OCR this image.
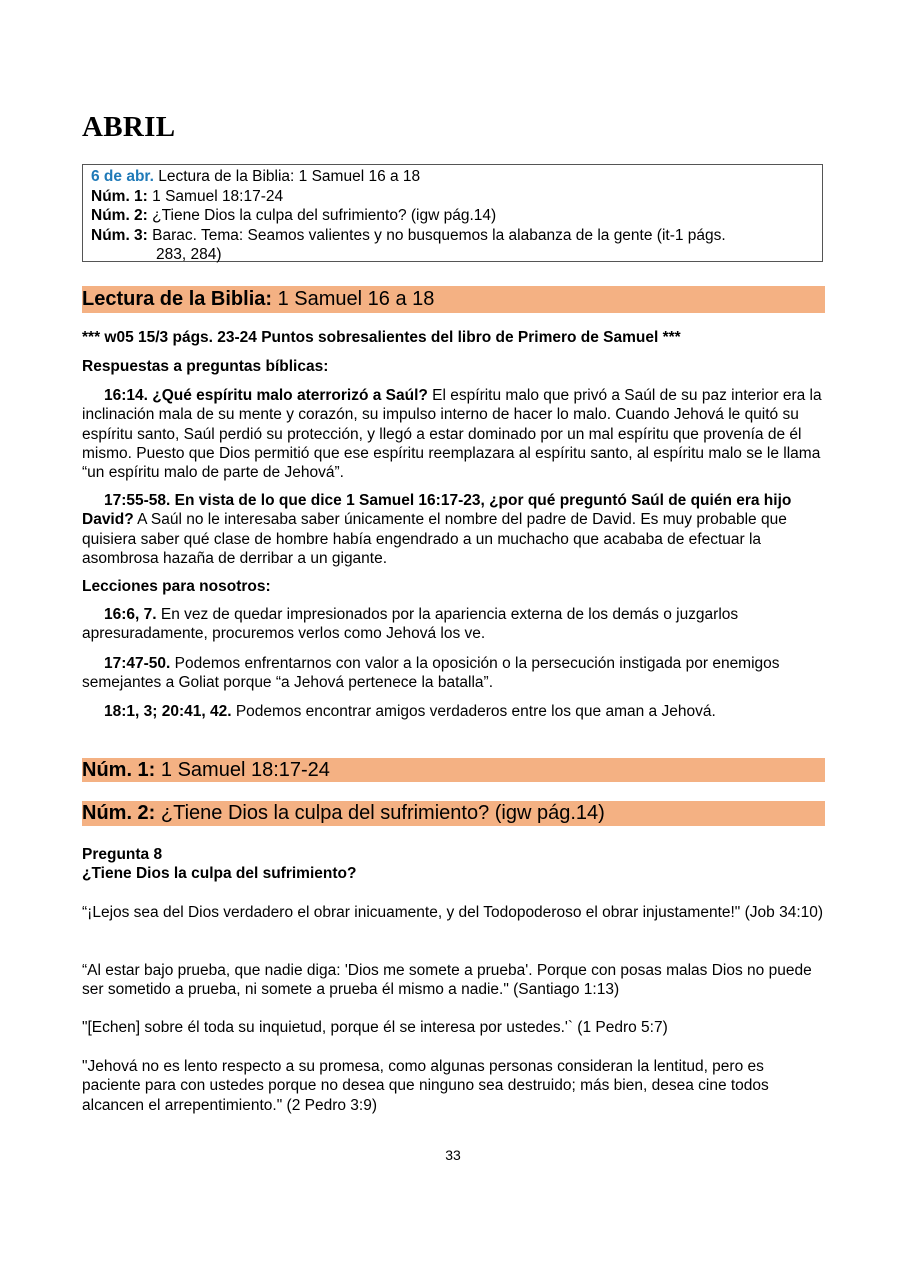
ABRIL
6 de abr. Lectura de la Biblia: 1 Samuel 16 a 18
Núm. 1: 1 Samuel 18:17-24
Núm. 2: ¿Tiene Dios la culpa del sufrimiento? (igw pág.14)
Núm. 3: Barac. Tema: Seamos valientes y no busquemos la alabanza de la gente (it-1 págs.
283, 284)
Lectura de la Biblia: 1 Samuel 16 a 18
*** w05 15/3 págs. 23-24 Puntos sobresalientes del libro de Primero de Samuel ***
Respuestas a preguntas bíblicas:
16:14. ¿Qué espíritu malo aterrorizó a Saúl? El espíritu malo que privó a Saúl de su paz interior era la inclinación mala de su mente y corazón, su impulso interno de hacer lo malo. Cuando Jehová le quitó su espíritu santo, Saúl perdió su protección, y llegó a estar dominado por un mal espíritu que provenía de él mismo. Puesto que Dios permitió que ese espíritu reemplazara al espíritu santo, al espíritu malo se le llama “un espíritu malo de parte de Jehová”.
17:55-58. En vista de lo que dice 1 Samuel 16:17-23, ¿por qué preguntó Saúl de quién era hijo David? A Saúl no le interesaba saber únicamente el nombre del padre de David. Es muy probable que quisiera saber qué clase de hombre había engendrado a un muchacho que acababa de efectuar la asombrosa hazaña de derribar a un gigante.
Lecciones para nosotros:
16:6, 7. En vez de quedar impresionados por la apariencia externa de los demás o juzgarlos apresuradamente, procuremos verlos como Jehová los ve.
17:47-50. Podemos enfrentarnos con valor a la oposición o la persecución instigada por enemigos semejantes a Goliat porque “a Jehová pertenece la batalla”.
18:1, 3; 20:41, 42. Podemos encontrar amigos verdaderos entre los que aman a Jehová.
Núm. 1: 1 Samuel 18:17-24
Núm. 2: ¿Tiene Dios la culpa del sufrimiento? (igw pág.14)
Pregunta 8
¿Tiene Dios la culpa del sufrimiento?
“¡Lejos sea del Dios verdadero el obrar inicuamente, y del Todopoderoso el obrar injustamente!" (Job 34:10)
“Al estar bajo prueba, que nadie diga: 'Dios me somete a prueba'. Porque con posas malas Dios no puede ser sometido a prueba, ni somete a prueba él mismo a nadie." (Santiago 1:13)
"[Echen] sobre él toda su inquietud, porque él se interesa por ustedes.'` (1 Pedro 5:7)
"Jehová no es lento respecto a su promesa, como algunas personas consideran la lentitud, pero es paciente para con ustedes porque no desea que ninguno sea destruido; más bien, desea cine todos alcancen el arrepentimiento." (2 Pedro 3:9)
33
